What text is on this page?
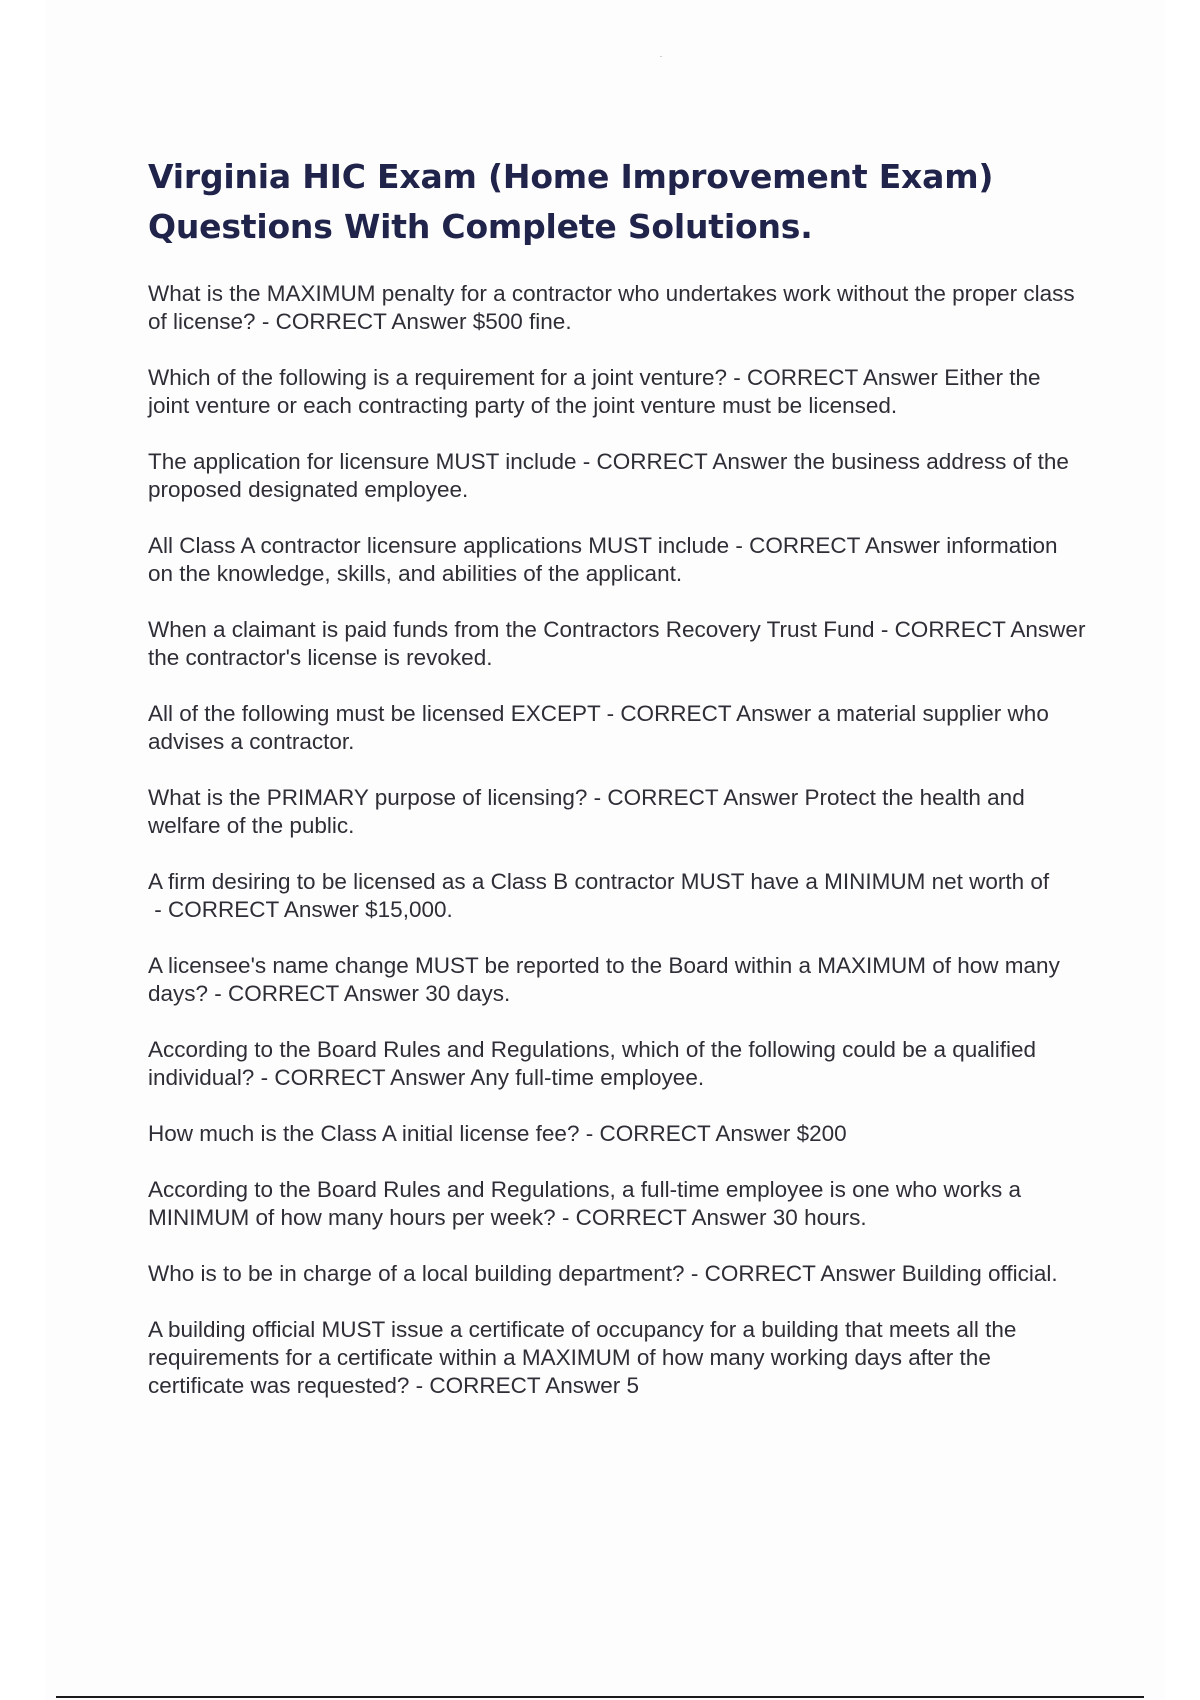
Virginia HIC Exam (Home Improvement Exam) Questions With Complete Solutions.

What is the MAXIMUM penalty for a contractor who undertakes work without the proper class of license? - CORRECT Answer $500 fine.

Which of the following is a requirement for a joint venture? - CORRECT Answer Either the joint venture or each contracting party of the joint venture must be licensed.

The application for licensure MUST include - CORRECT Answer the business address of the proposed designated employee.

All Class A contractor licensure applications MUST include - CORRECT Answer information on the knowledge, skills, and abilities of the applicant.

When a claimant is paid funds from the Contractors Recovery Trust Fund - CORRECT Answerthe contractor's license is revoked.

All of the following must be licensed EXCEPT - CORRECT Answer a material supplier who advises a contractor.

What is the PRIMARY purpose of licensing? - CORRECT Answer Protect the health and welfare of the public.

A firm desiring to be licensed as a Class B contractor MUST have a MINIMUM net worth of - CORRECT Answer $15,000.

A licensee's name change MUST be reported to the Board within a MAXIMUM of how many days? - CORRECT Answer 30 days.

According to the Board Rules and Regulations, which of the following could be a qualified individual? - CORRECT Answer Any full-time employee.

How much is the Class A initial license fee? - CORRECT Answer $200

According to the Board Rules and Regulations, a full-time employee is one who works a MINIMUM of how many hours per week? - CORRECT Answer 30 hours.

Who is to be in charge of a local building department? - CORRECT Answer Building official.

A building official MUST issue a certificate of occupancy for a building that meets all the requirements for a certificate within a MAXIMUM of how many working days after the certificate was requested? - CORRECT Answer 5
